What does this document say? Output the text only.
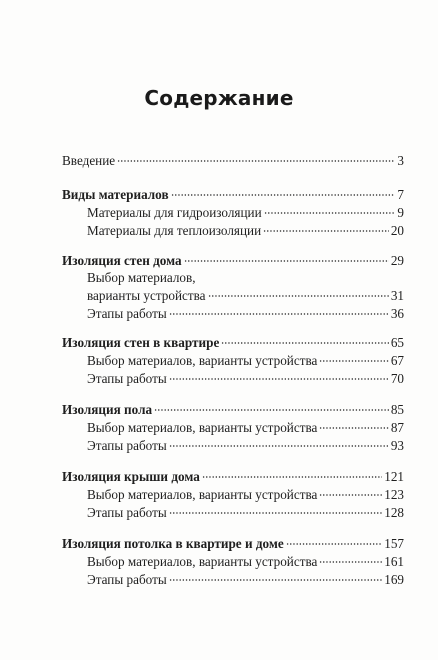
Содержание
Введение	3
Виды материалов	7
Материалы для гидроизоляции	9
Материалы для теплоизоляции	20
Изоляция стен дома	29
Выбор материалов,
варианты устройства	31
Этапы работы	36
Изоляция стен в квартире	65
Выбор материалов, варианты устройства	67
Этапы работы	70
Изоляция пола	85
Выбор материалов, варианты устройства	87
Этапы работы	93
Изоляция крыши дома	121
Выбор материалов, варианты устройства	123
Этапы работы	128
Изоляция потолка в квартире и доме	157
Выбор материалов, варианты устройства	161
Этапы работы	169
